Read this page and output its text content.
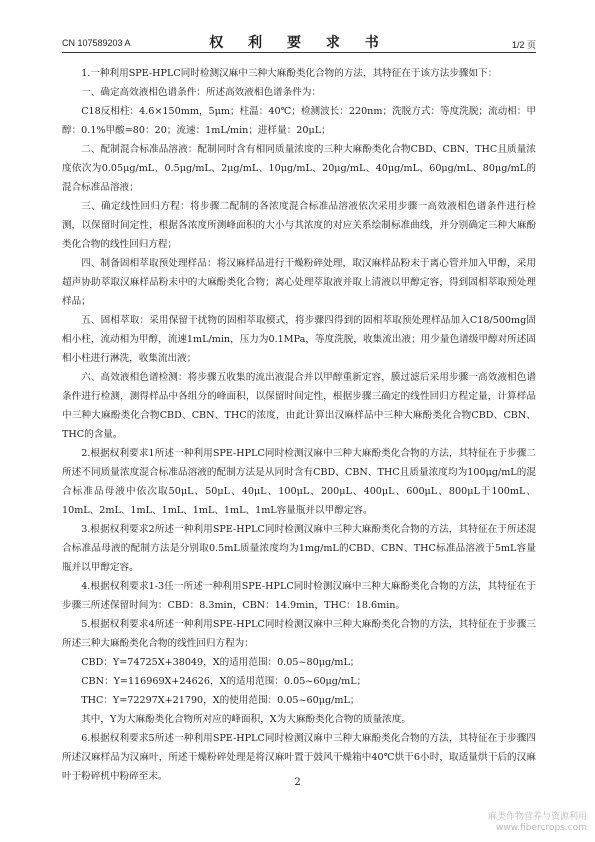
CN 107589203 A	权 利 要 求 书	1/2 页

1.一种利用SPE-HPLC同时检测汉麻中三种大麻酚类化合物的方法，其特征在于该方法步骤如下：

一、确定高效液相色谱条件：所述高效液相色谱条件为：

C18反相柱：4.6×150mm，5μm；柱温：40℃；检测波长：220nm；洗脱方式：等度洗脱；流动相：甲醇：0.1%甲酸=80：20；流速：1mL/min；进样量：20μL；

二、配制混合标准品溶液：配制同时含有相同质量浓度的三种大麻酚类化合物CBD、CBN、THC且质量浓度依次为0.05μg/mL、0.5μg/mL、2μg/mL、10μg/mL、20μg/mL、40μg/mL、60μg/mL、80μg/mL的混合标准品溶液；

三、确定线性回归方程：将步骤二配制的各浓度混合标准品溶液依次采用步骤一高效液相色谱条件进行检测，以保留时间定性，根据各浓度所测峰面积的大小与其浓度的对应关系绘制标准曲线，并分别确定三种大麻酚类化合物的线性回归方程；

四、制备固相萃取预处理样品：将汉麻样品进行干燥粉碎处理，取汉麻样品粉末于离心管并加入甲醇，采用超声协助萃取汉麻样品粉末中的大麻酚类化合物；离心处理萃取液并取上清液以甲醇定容，得到固相萃取预处理样品；

五、固相萃取：采用保留干扰物的固相萃取模式，将步骤四得到的固相萃取预处理样品加入C18/500mg固相小柱，流动相为甲醇，流速1mL/min，压力为0.1MPa，等度洗脱，收集流出液；用少量色谱级甲醇对所述固相小柱进行淋洗，收集流出液；

六、高效液相色谱检测：将步骤五收集的流出液混合并以甲醇重新定容，膜过滤后采用步骤一高效液相色谱条件进行检测，测得样品中各组分的峰面积，以保留时间定性，根据步骤三确定的线性回归方程定量，计算样品中三种大麻酚类化合物CBD、CBN、THC的浓度，由此计算出汉麻样品中三种大麻酚类化合物CBD、CBN、THC的含量。

2.根据权利要求1所述一种利用SPE-HPLC同时检测汉麻中三种大麻酚类化合物的方法，其特征在于步骤二所述不同质量浓度混合标准品溶液的配制方法是从同时含有CBD、CBN、THC且质量浓度均为100μg/mL的混合标准品母液中依次取50μL、50μL、40μL、100μL、200μL、400μL、600μL、800μL于100mL、10mL、2mL、1mL、1mL、1mL、1mL、1mL容量瓶并以甲醇定容。

3.根据权利要求2所述一种利用SPE-HPLC同时检测汉麻中三种大麻酚类化合物的方法，其特征在于所述混合标准品母液的配制方法是分别取0.5mL质量浓度均为1mg/mL的CBD、CBN、THC标准品溶液于5mL容量瓶并以甲醇定容。

4.根据权利要求1-3任一所述一种利用SPE-HPLC同时检测汉麻中三种大麻酚类化合物的方法，其特征在于步骤三所述保留时间为：CBD：8.3min，CBN：14.9min，THC：18.6min。

5.根据权利要求4所述一种利用SPE-HPLC同时检测汉麻中三种大麻酚类化合物的方法，其特征在于步骤三所述三种大麻酚类化合物的线性回归方程为：

CBD：Y=74725X+38049，X的适用范围：0.05~80μg/mL；

CBN：Y=116969X+24626，X的适用范围：0.05~60μg/mL；

THC：Y=72297X+21790，X的使用范围：0.05~60μg/mL；

其中，Y为大麻酚类化合物所对应的峰面积，X为大麻酚类化合物的质量浓度。

6.根据权利要求5所述一种利用SPE-HPLC同时检测汉麻中三种大麻酚类化合物的方法，其特征在于步骤四所述汉麻样品为汉麻叶，所述干燥粉碎处理是将汉麻叶置于鼓风干燥箱中40℃烘干6小时，取适量烘干后的汉麻叶于粉碎机中粉碎至末。

2
麻类作物营养与资源利用
www.fibercrops.com
